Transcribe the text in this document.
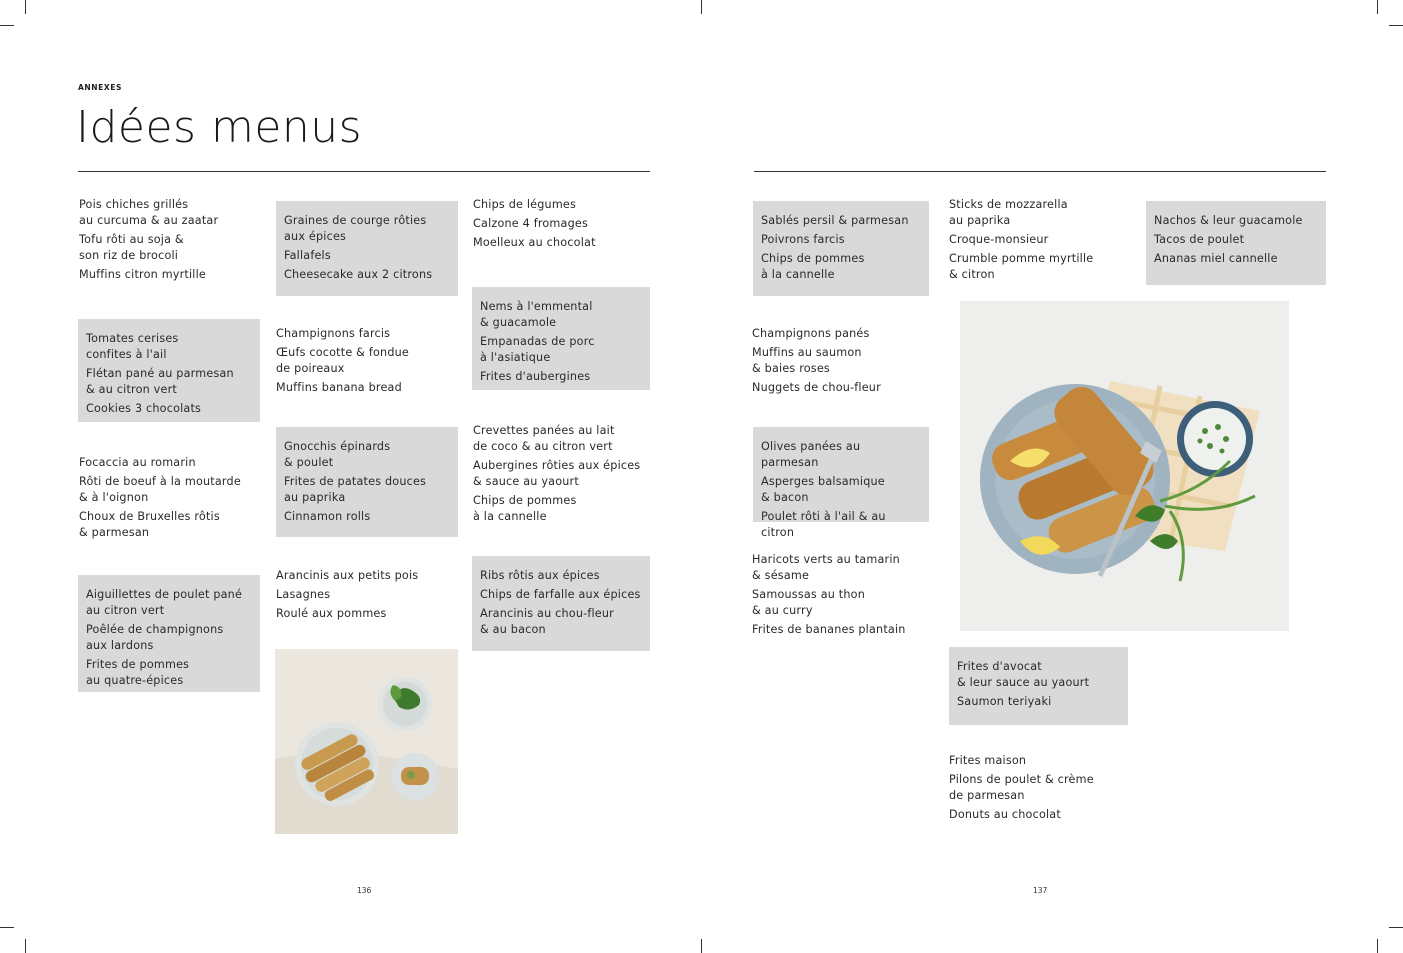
ANNEXES
Idées menus
Pois chiches grillés
au curcuma & au zaatar
Tofu rôti au soja &
son riz de brocoli
Muffins citron myrtille
Graines de courge rôties
aux épices
Fallafels
Cheesecake aux 2 citrons
Chips de légumes
Calzone 4 fromages
Moelleux au chocolat
Tomates cerises
confites à l'ail
Flétan pané au parmesan
& au citron vert
Cookies 3 chocolats
Champignons farcis
Œufs cocotte & fondue
de poireaux
Muffins banana bread
Nems à l'emmental
& guacamole
Empanadas de porc
à l'asiatique
Frites d'aubergines
Focaccia au romarin
Rôti de boeuf à la moutarde
& à l'oignon
Choux de Bruxelles rôtis
& parmesan
Gnocchis épinards
& poulet
Frites de patates douces
au paprika
Cinnamon rolls
Crevettes panées au lait
de coco & au citron vert
Aubergines rôties aux épices
& sauce au yaourt
Chips de pommes
à la cannelle
Aiguillettes de poulet pané
au citron vert
Poêlée de champignons
aux lardons
Frites de pommes
au quatre-épices
Arancinis aux petits pois
Lasagnes
Roulé aux pommes
Ribs rôtis aux épices
Chips de farfalle aux épices
Arancinis au chou-fleur
& au bacon
136
Sablés persil & parmesan
Poivrons farcis
Chips de pommes
à la cannelle
Sticks de mozzarella
au paprika
Croque-monsieur
Crumble pomme myrtille
& citron
Nachos & leur guacamole
Tacos de poulet
Ananas miel cannelle
Champignons panés
Muffins au saumon
& baies roses
Nuggets de chou-fleur
Olives panées au parmesan
Asperges balsamique
& bacon
Poulet rôti à l'ail & au citron
Haricots verts au tamarin
& sésame
Samoussas au thon
& au curry
Frites de bananes plantain
Frites d'avocat
& leur sauce au yaourt
Saumon teriyaki
Frites maison
Pilons de poulet & crème
de parmesan
Donuts au chocolat
137
